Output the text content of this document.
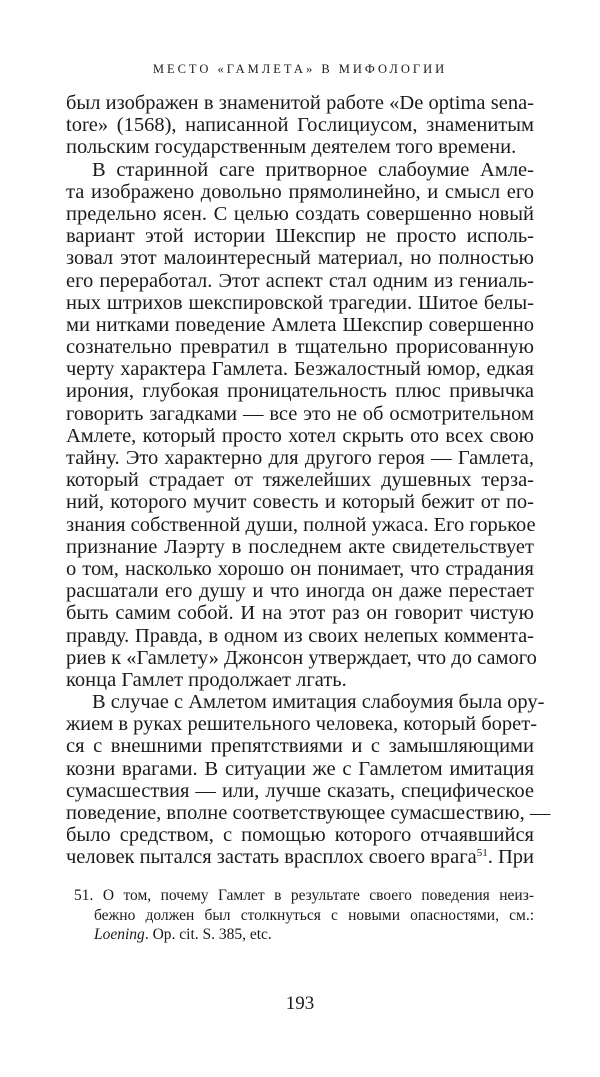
МЕСТО «ГАМЛЕТА» В МИФОЛОГИИ
был изображен в знаменитой работе «De optima sena-
tore» (1568), написанной Гослициусом, знаменитым
польским государственным деятелем того времени.
В старинной саге притворное слабоумие Амле-
та изображено довольно прямолинейно, и смысл его
предельно ясен. С целью создать совершенно новый
вариант этой истории Шекспир не просто исполь-
зовал этот малоинтересный материал, но полностью
его переработал. Этот аспект стал одним из гениаль-
ных штрихов шекспировской трагедии. Шитое белы-
ми нитками поведение Амлета Шекспир совершенно
сознательно превратил в тщательно прорисованную
черту характера Гамлета. Безжалостный юмор, едкая
ирония, глубокая проницательность плюс привычка
говорить загадками — все это не об осмотрительном
Амлете, который просто хотел скрыть ото всех свою
тайну. Это характерно для другого героя — Гамлета,
который страдает от тяжелейших душевных терза-
ний, которого мучит совесть и который бежит от по-
знания собственной души, полной ужаса. Его горькое
признание Лаэрту в последнем акте свидетельствует
о том, насколько хорошо он понимает, что страдания
расшатали его душу и что иногда он даже перестает
быть самим собой. И на этот раз он говорит чистую
правду. Правда, в одном из своих нелепых коммента-
риев к «Гамлету» Джонсон утверждает, что до самого
конца Гамлет продолжает лгать.
В случае с Амлетом имитация слабоумия была ору-
жием в руках решительного человека, который борет-
ся с внешними препятствиями и с замышляющими
козни врагами. В ситуации же с Гамлетом имитация
сумасшествия — или, лучше сказать, специфическое
поведение, вполне соответствующее сумасшествию, —
было средством, с помощью которого отчаявшийся
человек пытался застать врасплох своего врага$^{51}$. При
51. О том, почему Гамлет в результате своего поведения неиз-
бежно должен был столкнуться с новыми опасностями, см.:
Loening. Op. cit. S. 385, etc.
193
